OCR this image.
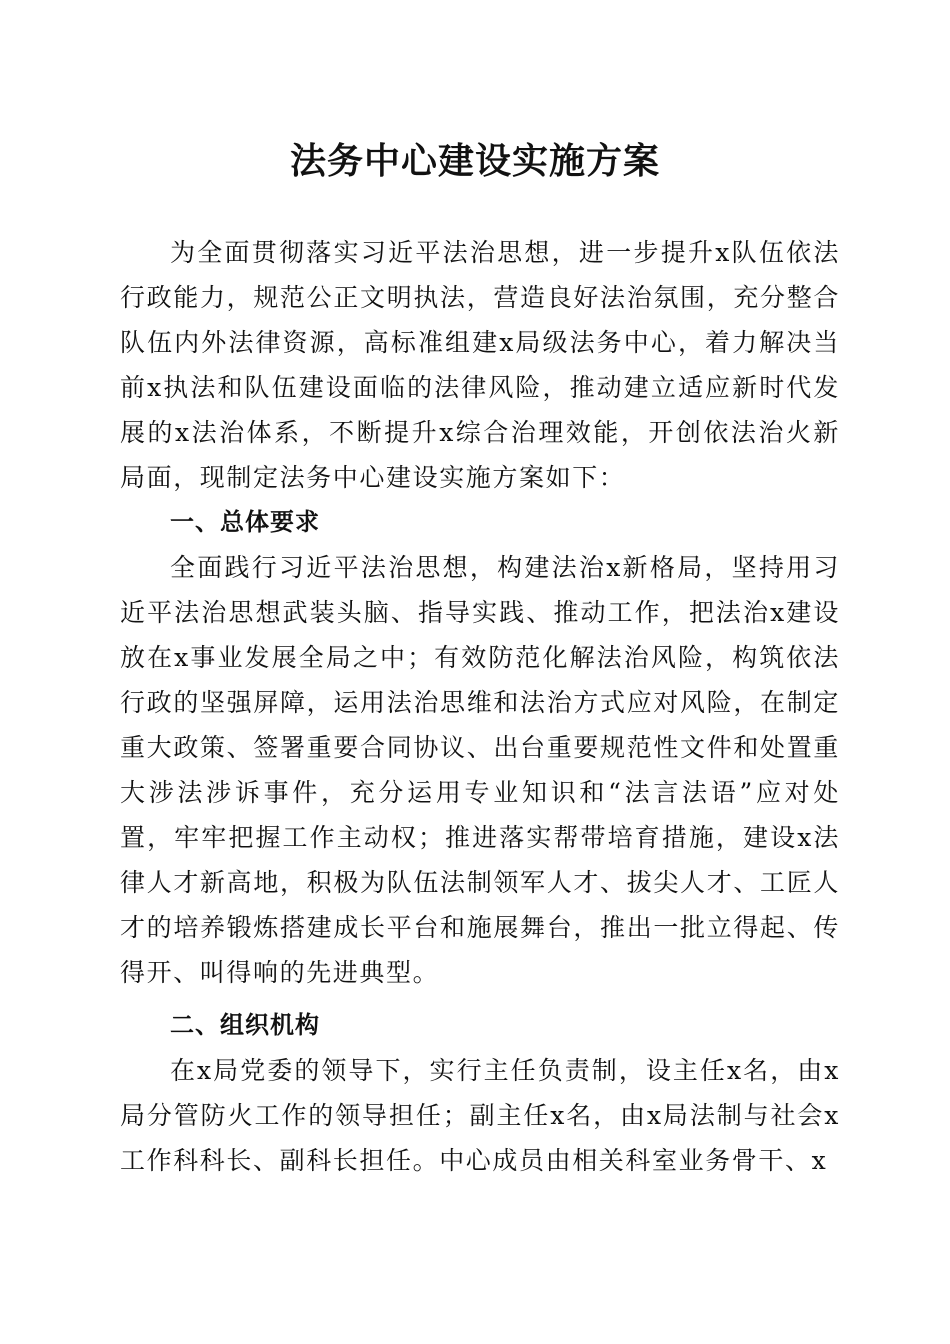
法务中心建设实施方案

为全面贯彻落实习近平法治思想，进一步提升x队伍依法行政能力，规范公正文明执法，营造良好法治氛围，充分整合队伍内外法律资源，高标准组建x局级法务中心，着力解决当前x执法和队伍建设面临的法律风险，推动建立适应新时代发展的x法治体系，不断提升x综合治理效能，开创依法治火新局面，现制定法务中心建设实施方案如下：

一、总体要求

全面践行习近平法治思想，构建法治x新格局，坚持用习近平法治思想武装头脑、指导实践、推动工作，把法治x建设放在x事业发展全局之中；有效防范化解法治风险，构筑依法行政的坚强屏障，运用法治思维和法治方式应对风险，在制定重大政策、签署重要合同协议、出台重要规范性文件和处置重大涉法涉诉事件，充分运用专业知识和“法言法语”应对处置，牢牢把握工作主动权；推进落实帮带培育措施，建设x法律人才新高地，积极为队伍法制领军人才、拔尖人才、工匠人才的培养锻炼搭建成长平台和施展舞台，推出一批立得起、传得开、叫得响的先进典型。

二、组织机构

在x局党委的领导下，实行主任负责制，设主任x名，由x局分管防火工作的领导担任；副主任x名，由x局法制与社会x工作科科长、副科长担任。中心成员由相关科室业务骨干、x
